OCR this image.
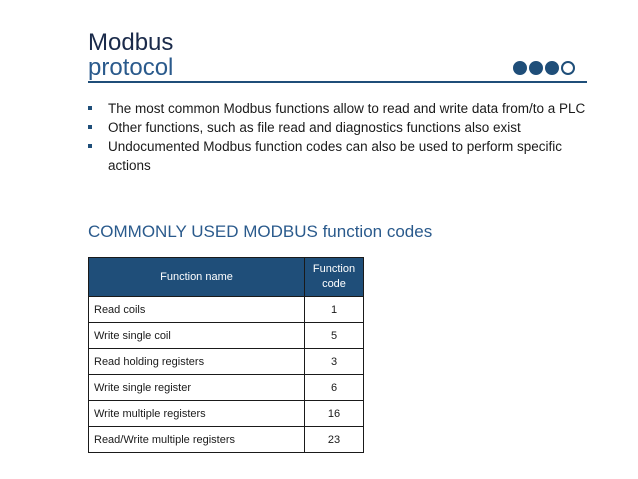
Modbus
protocol
The most common Modbus functions allow to read and write data from/to a PLC
Other functions, such as file read and diagnostics functions also exist
Undocumented Modbus function codes can also be used to perform specific actions
COMMONLY USED MODBUS function codes
Function name	Function code
Read coils	1
Write single coil	5
Read holding registers	3
Write single register	6
Write multiple registers	16
Read/Write multiple registers	23
